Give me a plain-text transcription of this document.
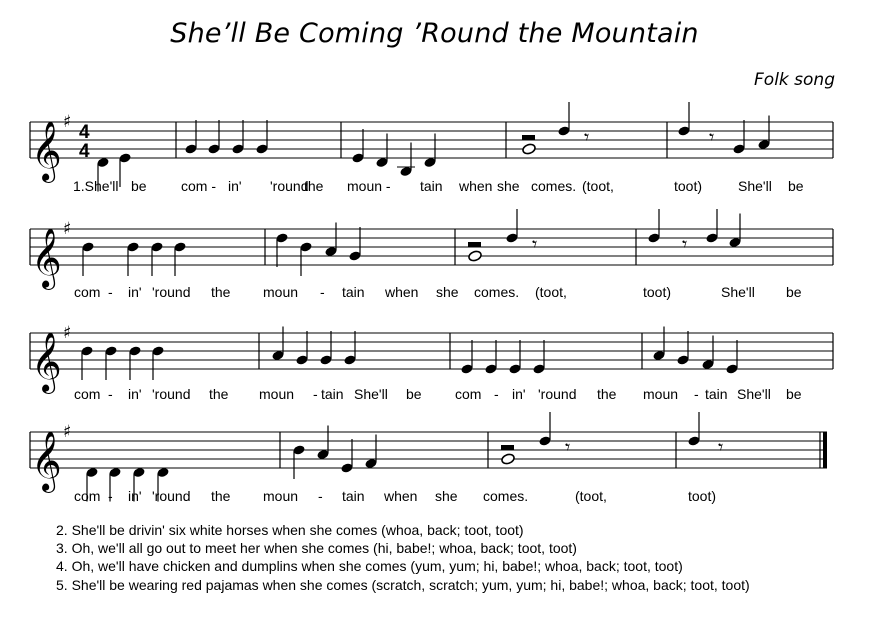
She’ll Be Coming ’Round the Mountain
Folk song
𝄞 ♯ 4
4
𝄾	𝄾
1.She'll be com - in' 'round
the moun - tain when she comes. (toot,	toot)	She'll be
𝄞 ♯
𝄾	𝄾
com - in' 'round the moun - tain when she comes. (toot,	toot)	She'll be
𝄞 ♯
com - in' 'round the moun - tain She'll be com - in' 'round the moun - tain She'll be
𝄞 ♯
𝄾	𝄾
com - in' 'round the moun - tain when she comes.	(toot,	toot)
2. She'll be drivin' six white horses when she comes (whoa, back; toot, toot)
3. Oh, we'll all go out to meet her when she comes (hi, babe!; whoa, back; toot, toot)
4. Oh, we'll have chicken and dumplins when she comes (yum, yum; hi, babe!; whoa, back; toot, toot)
5. She'll be wearing red pajamas when she comes (scratch, scratch; yum, yum; hi, babe!; whoa, back; toot, toot)
